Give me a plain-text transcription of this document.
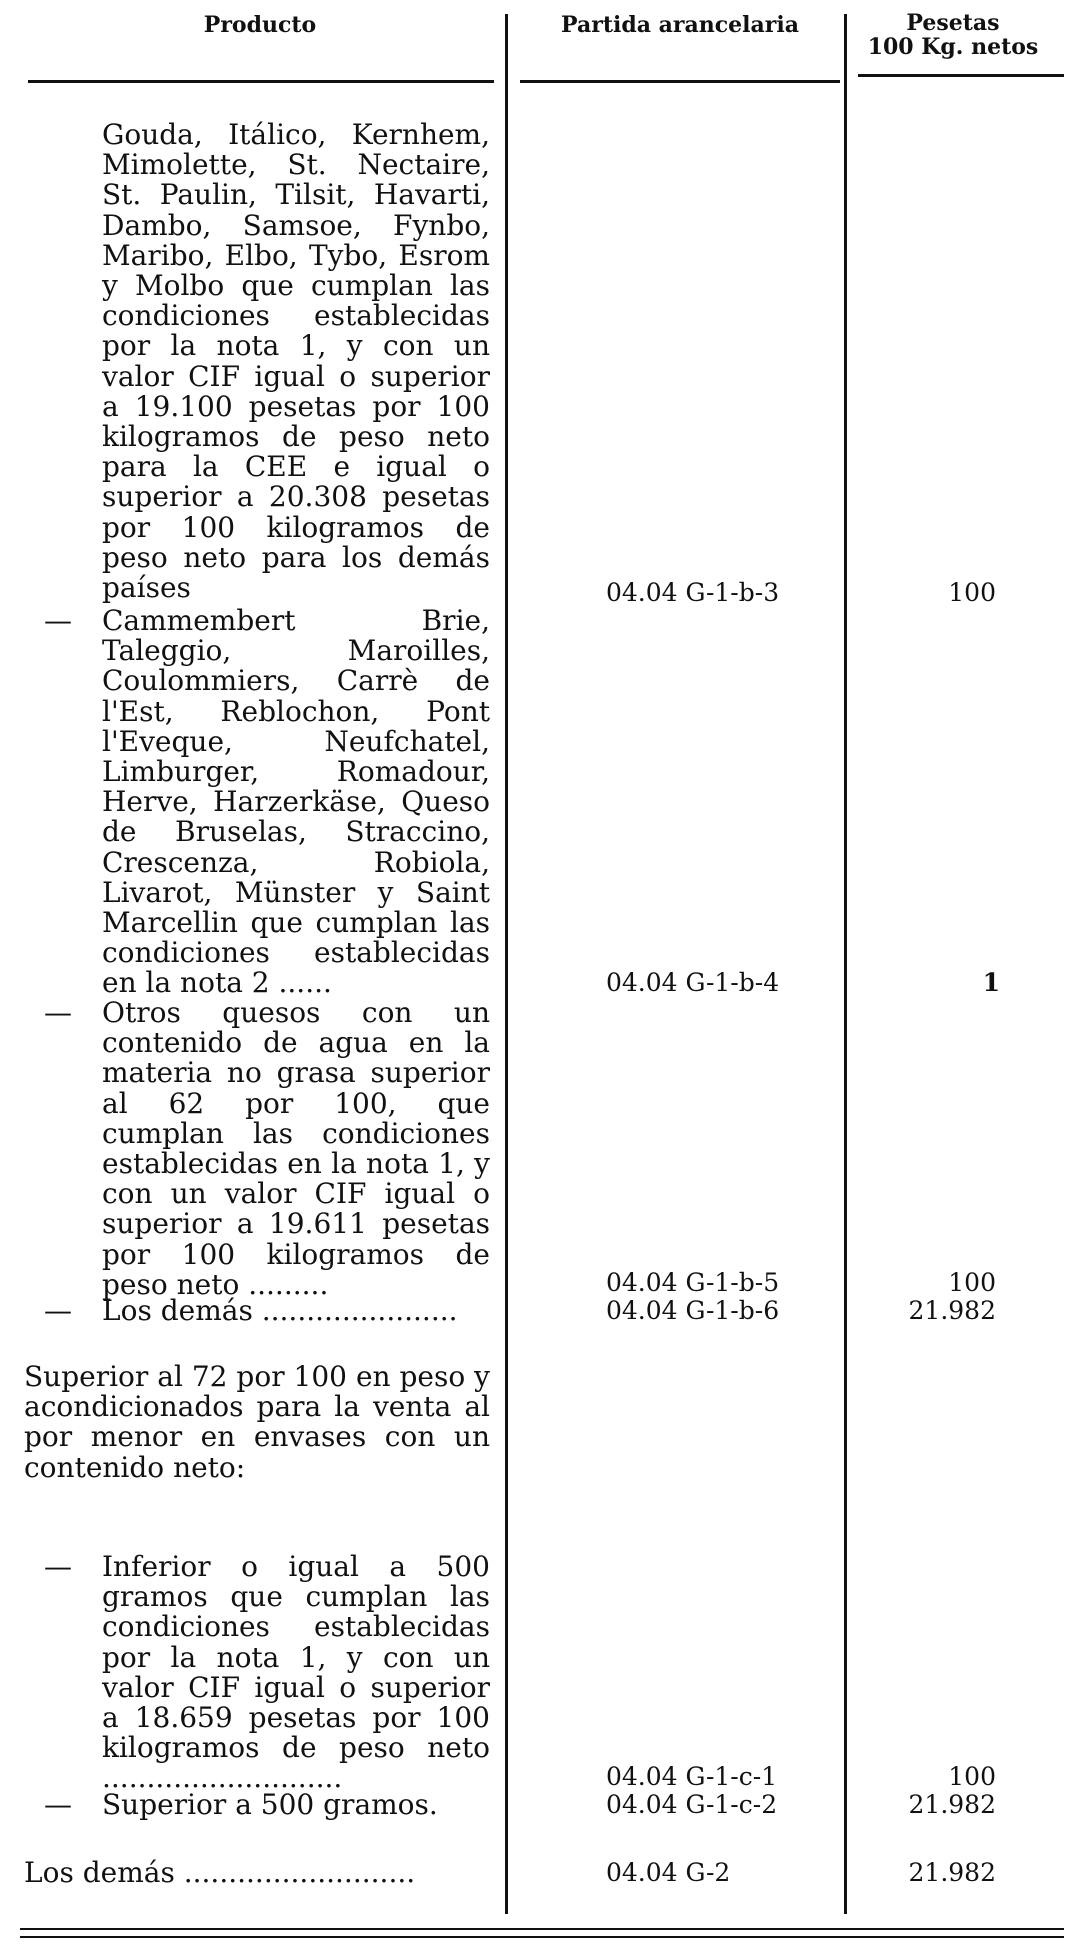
Producto	Partida arancelaria	Pesetas
100 Kg. netos
Gouda, Itálico, Kernhem, Mimolette, St. Nectaire, St. Paulin, Tilsit, Havarti, Dambo, Samsoe, Fynbo, Maribo, Elbo, Tybo, Esrom y Molbo que cumplan las condiciones establecidas por la nota 1, y con un valor CIF igual o superior a 19.100 pesetas por 100 kilogramos de peso neto para la CEE e igual o superior a 20.308 pesetas por 100 kilogramos de peso neto para los demás países	04.04 G-1-b-3	100
— Cammembert Brie, Taleggio, Maroilles, Coulommiers, Carrè de l'Est, Reblochon, Pont l'Eveque, Neufchatel, Limburger, Romadour, Herve, Harzerkäse, Queso de Bruselas, Straccino, Crescenza, Robiola, Livarot, Münster y Saint Marcellin que cumplan las condiciones establecidas en la nota 2 ......	04.04 G-1-b-4	1
— Otros quesos con un contenido de agua en la materia no grasa superior al 62 por 100, que cumplan las condiciones establecidas en la nota 1, y con un valor CIF igual o superior a 19.611 pesetas por 100 kilogramos de peso neto .........	04.04 G-1-b-5	100
— Los demás ......................	04.04 G-1-b-6	21.982
Superior al 72 por 100 en peso y acondicionados para la venta al por menor en envases con un contenido neto:
— Inferior o igual a 500 gramos que cumplan las condiciones establecidas por la nota 1, y con un valor CIF igual o superior a 18.659 pesetas por 100 kilogramos de peso neto ...........................	04.04 G-1-c-1	100
— Superior a 500 gramos.	04.04 G-1-c-2	21.982
Los demás ..........................	04.04 G-2	21.982
